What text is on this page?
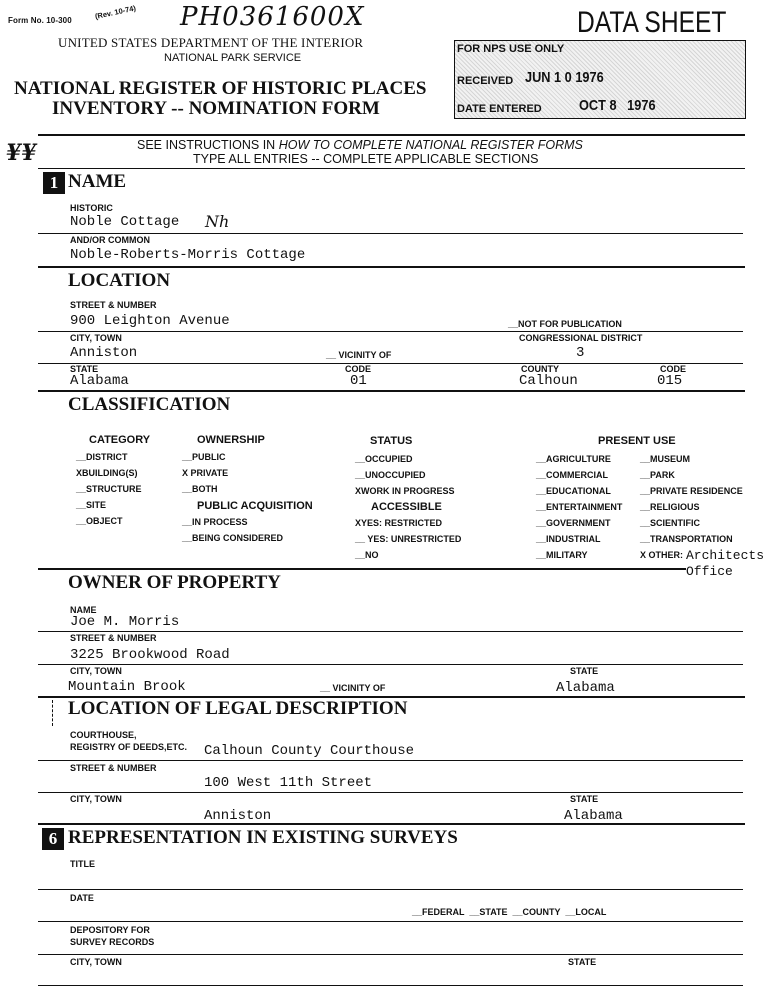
Form No. 10-300	(Rev. 10-74) PH0361600X
UNITED STATES DEPARTMENT OF THE INTERIOR
NATIONAL PARK SERVICE
NATIONAL REGISTER OF HISTORIC PLACES
INVENTORY -- NOMINATION FORM
DATA SHEET
FOR NPS USE ONLY
RECEIVED JUN 1 0 1976
DATE ENTERED OCT 8   1976
SEE INSTRUCTIONS IN HOW TO COMPLETE NATIONAL REGISTER FORMS
TYPE ALL ENTRIES -- COMPLETE APPLICABLE SECTIONS
¥¥
1 NAME
HISTORIC
Noble Cottage Nh
AND/OR COMMON
Noble-Roberts-Morris Cottage
LOCATION
STREET & NUMBER
900 Leighton Avenue	__NOT FOR PUBLICATION
CITY, TOWN	CONGRESSIONAL DISTRICT
Anniston	__ VICINITY OF	3
STATE	CODE	COUNTY	CODE
Alabama	01	Calhoun	015
CLASSIFICATION
CATEGORY
__DISTRICT
XBUILDING(S)
__STRUCTURE
__SITE
__OBJECT
OWNERSHIP
__PUBLIC
X PRIVATE
__BOTH
PUBLIC ACQUISITION
__IN PROCESS
__BEING CONSIDERED
STATUS
__OCCUPIED
__UNOCCUPIED
XWORK IN PROGRESS
ACCESSIBLE
XYES: RESTRICTED
__ YES: UNRESTRICTED
__NO
PRESENT USE
__AGRICULTURE
__COMMERCIAL
__EDUCATIONAL
__ENTERTAINMENT
__GOVERNMENT
__INDUSTRIAL
__MILITARY
__MUSEUM
__PARK
__PRIVATE RESIDENCE
__RELIGIOUS
__SCIENTIFIC
__TRANSPORTATION
X OTHER: Architects
Office
OWNER OF PROPERTY
NAME
Joe M. Morris
STREET & NUMBER
3225 Brookwood Road
CITY, TOWN	STATE
Mountain Brook	__ VICINITY OF	Alabama
LOCATION OF LEGAL DESCRIPTION
COURTHOUSE,
REGISTRY OF DEEDS,ETC. Calhoun County Courthouse
STREET & NUMBER
100 West 11th Street
CITY, TOWN	STATE
Anniston	Alabama
6 REPRESENTATION IN EXISTING SURVEYS
TITLE
DATE
__FEDERAL  __STATE  __COUNTY  __LOCAL
DEPOSITORY FOR
SURVEY RECORDS
CITY, TOWN	STATE
